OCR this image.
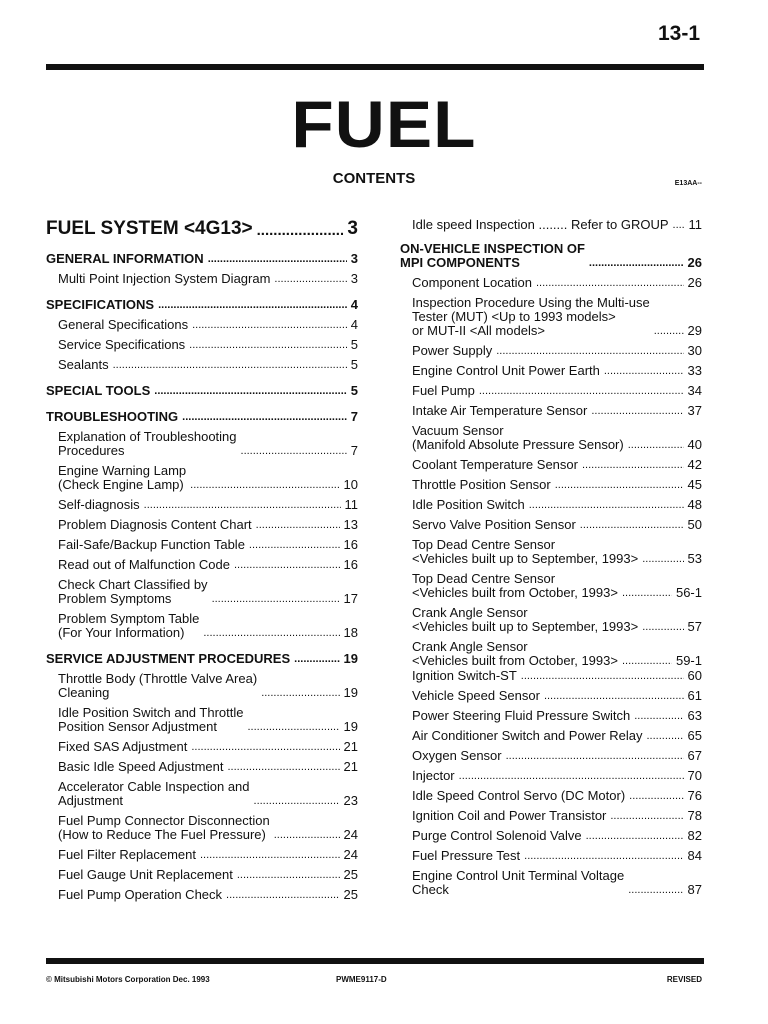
13-1
FUEL
CONTENTS	E13AA--
FUEL SYSTEM <4G13> .....	3
GENERAL INFORMATION .....	3
Multi Point Injection System Diagram .....	3
SPECIFICATIONS .....	4
General Specifications .....	4
Service Specifications .....	5
Sealants .....	5
SPECIAL TOOLS .....	5
TROUBLESHOOTING .....	7
Explanation of Troubleshooting
Procedures .....	7
Engine Warning Lamp
(Check Engine Lamp) .....	10
Self-diagnosis .....	11
Problem Diagnosis Content Chart .....	13
Fail-Safe/Backup Function Table .....	16
Read out of Malfunction Code .....	16
Check Chart Classified by
Problem Symptoms .....	17
Problem Symptom Table
(For Your Information) .....	18
SERVICE ADJUSTMENT PROCEDURES .....	19
Throttle Body (Throttle Valve Area)
Cleaning .....	19
Idle Position Switch and Throttle
Position Sensor Adjustment .....	19
Fixed SAS Adjustment .....	21
Basic Idle Speed Adjustment .....	21
Accelerator Cable Inspection and
Adjustment .....	23
Fuel Pump Connector Disconnection
(How to Reduce The Fuel Pressure) .....	24
Fuel Filter Replacement .....	24
Fuel Gauge Unit Replacement .....	25
Fuel Pump Operation Check .....	25
Idle speed Inspection ........ Refer to GROUP ..... 11
ON-VEHICLE INSPECTION OF
MPI COMPONENTS .....	26
Component Location .....	26
Inspection Procedure Using the Multi-use
Tester (MUT) <Up to 1993 models>
or MUT-II <All models> .....	29
Power Supply .....	30
Engine Control Unit Power Earth .....	33
Fuel Pump .....	34
Intake Air Temperature Sensor .....	37
Vacuum Sensor
(Manifold Absolute Pressure Sensor) .....	40
Coolant Temperature Sensor .....	42
Throttle Position Sensor .....	45
Idle Position Switch .....	48
Servo Valve Position Sensor .....	50
Top Dead Centre Sensor
<Vehicles built up to September, 1993> .....	53
Top Dead Centre Sensor
<Vehicles built from October, 1993> .....	56-1
Crank Angle Sensor
<Vehicles built up to September, 1993> .....	57
Crank Angle Sensor
<Vehicles built from October, 1993> .....	59-1
Ignition Switch-ST .....	60
Vehicle Speed Sensor .....	61
Power Steering Fluid Pressure Switch .....	63
Air Conditioner Switch and Power Relay .....	65
Oxygen Sensor .....	67
Injector .....	70
Idle Speed Control Servo (DC Motor) .....	76
Ignition Coil and Power Transistor .....	78
Purge Control Solenoid Valve .....	82
Fuel Pressure Test .....	84
Engine Control Unit Terminal Voltage
Check .....	87
© Mitsubishi Motors Corporation Dec. 1993	PWME9117-D	REVISED
